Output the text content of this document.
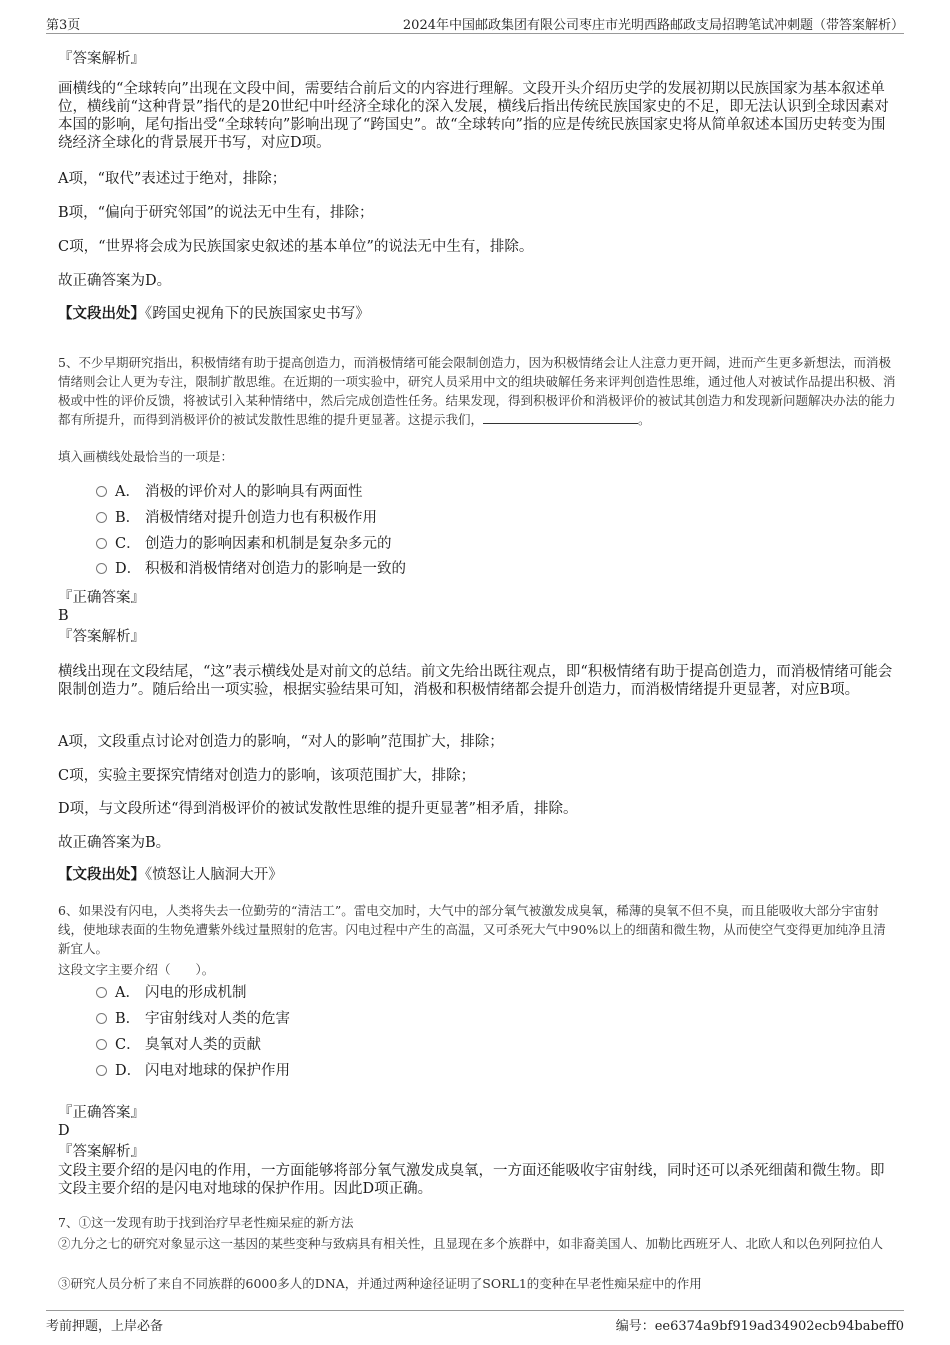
第3页	2024年中国邮政集团有限公司枣庄市光明西路邮政支局招聘笔试冲刺题（带答案解析）
『答案解析』
画横线的“全球转向”出现在文段中间，需要结合前后文的内容进行理解。文段开头介绍历史学的发展初期以民族国家为基本叙述单位，横线前“这种背景”指代的是20世纪中叶经济全球化的深入发展，横线后指出传统民族国家史的不足，即无法认识到全球因素对本国的影响，尾句指出受“全球转向”影响出现了“跨国史”。故“全球转向”指的应是传统民族国家史将从简单叙述本国历史转变为围绕经济全球化的背景展开书写，对应D项。
A项，“取代”表述过于绝对，排除；
B项，“偏向于研究邻国”的说法无中生有，排除；
C项，“世界将会成为民族国家史叙述的基本单位”的说法无中生有，排除。
故正确答案为D。
【文段出处】《跨国史视角下的民族国家史书写》
5、不少早期研究指出，积极情绪有助于提高创造力，而消极情绪可能会限制创造力，因为积极情绪会让人注意力更开阔，进而产生更多新想法，而消极情绪则会让人更为专注，限制扩散思维。在近期的一项实验中，研究人员采用中文的组块破解任务来评判创造性思维，通过他人对被试作品提出积极、消极或中性的评价反馈，将被试引入某种情绪中，然后完成创造性任务。结果发现，得到积极评价和消极评价的被试其创造力和发现新问题解决办法的能力都有所提升，而得到消极评价的被试发散性思维的提升更显著。这提示我们，	。
填入画横线处最恰当的一项是：
A． 消极的评价对人的影响具有两面性
B． 消极情绪对提升创造力也有积极作用
C． 创造力的影响因素和机制是复杂多元的
D． 积极和消极情绪对创造力的影响是一致的
『正确答案』
B
『答案解析』
横线出现在文段结尾，“这”表示横线处是对前文的总结。前文先给出既往观点，即“积极情绪有助于提高创造力，而消极情绪可能会限制创造力”。随后给出一项实验，根据实验结果可知，消极和积极情绪都会提升创造力，而消极情绪提升更显著，对应B项。
A项，文段重点讨论对创造力的影响，“对人的影响”范围扩大，排除；
C项，实验主要探究情绪对创造力的影响，该项范围扩大，排除；
D项，与文段所述“得到消极评价的被试发散性思维的提升更显著”相矛盾，排除。
故正确答案为B。
【文段出处】《愤怒让人脑洞大开》
6、如果没有闪电，人类将失去一位勤劳的“清洁工”。雷电交加时，大气中的部分氧气被激发成臭氧，稀薄的臭氧不但不臭，而且能吸收大部分宇宙射线，使地球表面的生物免遭紫外线过量照射的危害。闪电过程中产生的高温，又可杀死大气中90%以上的细菌和微生物，从而使空气变得更加纯净且清新宜人。
这段文字主要介绍（　　）。
A． 闪电的形成机制
B． 宇宙射线对人类的危害
C． 臭氧对人类的贡献
D． 闪电对地球的保护作用
『正确答案』
D
『答案解析』
文段主要介绍的是闪电的作用，一方面能够将部分氧气激发成臭氧，一方面还能吸收宇宙射线，同时还可以杀死细菌和微生物。即文段主要介绍的是闪电对地球的保护作用。因此D项正确。
7、①这一发现有助于找到治疗早老性痴呆症的新方法
②九分之七的研究对象显示这一基因的某些变种与致病具有相关性，且显现在多个族群中，如非裔美国人、加勒比西班牙人、北欧人和以色列阿拉伯人
③研究人员分析了来自不同族群的6000多人的DNA，并通过两种途径证明了SORL1的变种在早老性痴呆症中的作用
考前押题，上岸必备	编号：ee6374a9bf919ad34902ecb94babeff0
